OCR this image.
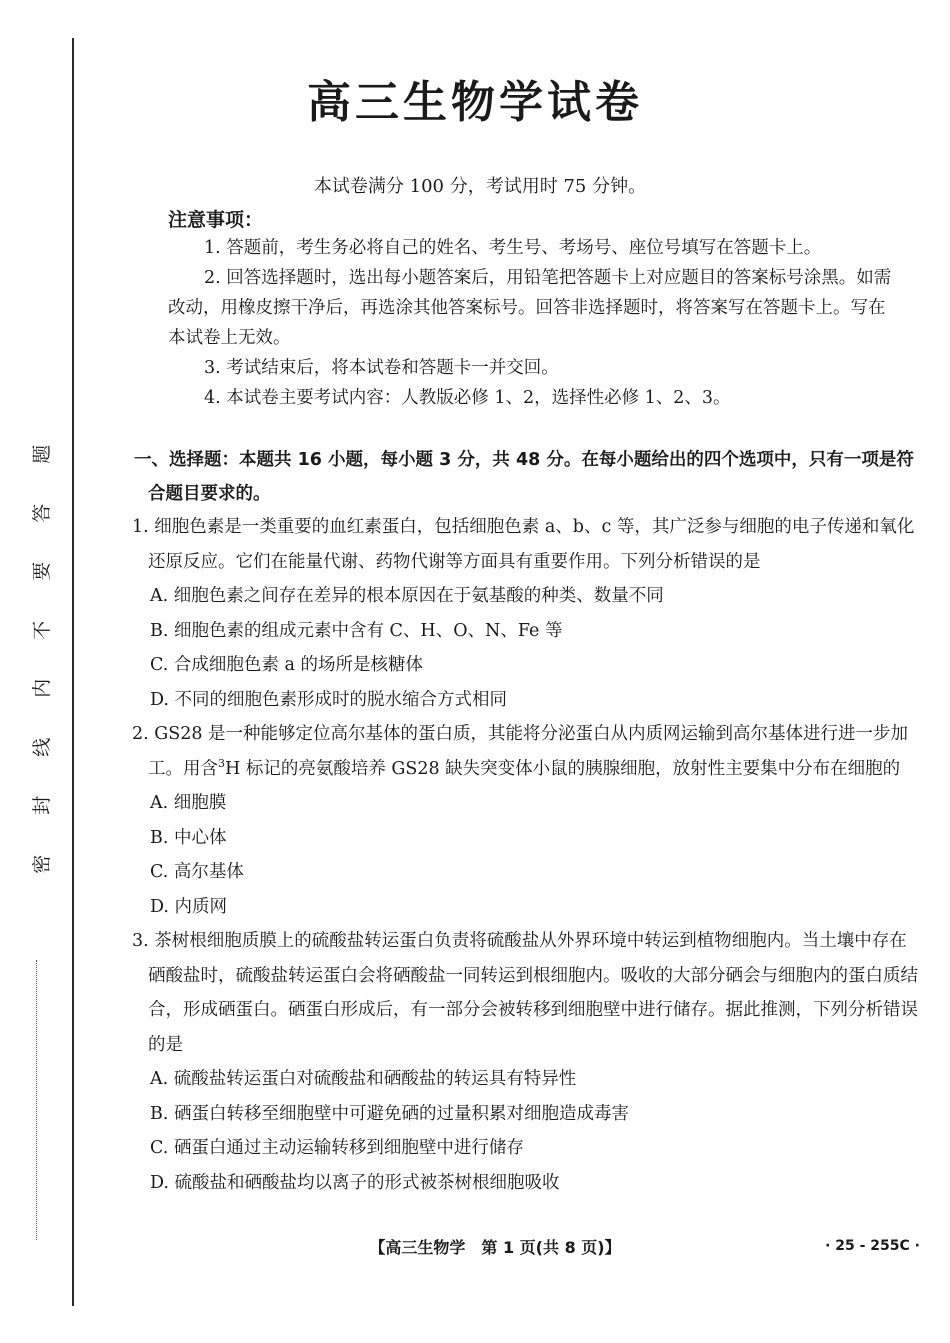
题
答
要
不
内
线
封
密
高三生物学试卷
本试卷满分 100 分，考试用时 75 分钟。
注意事项：

1. 答题前，考生务必将自己的姓名、考生号、考场号、座位号填写在答题卡上。

2. 回答选择题时，选出每小题答案后，用铅笔把答题卡上对应题目的答案标号涂黑。如需改动，用橡皮擦干净后，再选涂其他答案标号。回答非选择题时，将答案写在答题卡上。写在本试卷上无效。

3. 考试结束后，将本试卷和答题卡一并交回。

4. 本试卷主要考试内容：人教版必修 1、2，选择性必修 1、2、3。

一、选择题：本题共 16 小题，每小题 3 分，共 48 分。在每小题给出的四个选项中，只有一项是符
合题目要求的。

1. 细胞色素是一类重要的血红素蛋白，包括细胞色素 a、b、c 等，其广泛参与细胞的电子传递和氧化还原反应。它们在能量代谢、药物代谢等方面具有重要作用。下列分析错误的是

A. 细胞色素之间存在差异的根本原因在于氨基酸的种类、数量不同

B. 细胞色素的组成元素中含有 C、H、O、N、Fe 等

C. 合成细胞色素 a 的场所是核糖体

D. 不同的细胞色素形成时的脱水缩合方式相同

2. GS28 是一种能够定位高尔基体的蛋白质，其能将分泌蛋白从内质网运输到高尔基体进行进一步加工。用含$^3$H 标记的亮氨酸培养 GS28 缺失突变体小鼠的胰腺细胞，放射性主要集中分布在细胞的

A. 细胞膜

B. 中心体

C. 高尔基体

D. 内质网

3. 茶树根细胞质膜上的硫酸盐转运蛋白负责将硫酸盐从外界环境中转运到植物细胞内。当土壤中存在硒酸盐时，硫酸盐转运蛋白会将硒酸盐一同转运到根细胞内。吸收的大部分硒会与细胞内的蛋白质结合，形成硒蛋白。硒蛋白形成后，有一部分会被转移到细胞壁中进行储存。据此推测，下列分析错误的是

A. 硫酸盐转运蛋白对硫酸盐和硒酸盐的转运具有特异性

B. 硒蛋白转移至细胞壁中可避免硒的过量积累对细胞造成毒害

C. 硒蛋白通过主动运输转移到细胞壁中进行储存

D. 硫酸盐和硒酸盐均以离子的形式被茶树根细胞吸收

【高三生物学　第 1 页(共 8 页)】	· 25 - 255C ·
